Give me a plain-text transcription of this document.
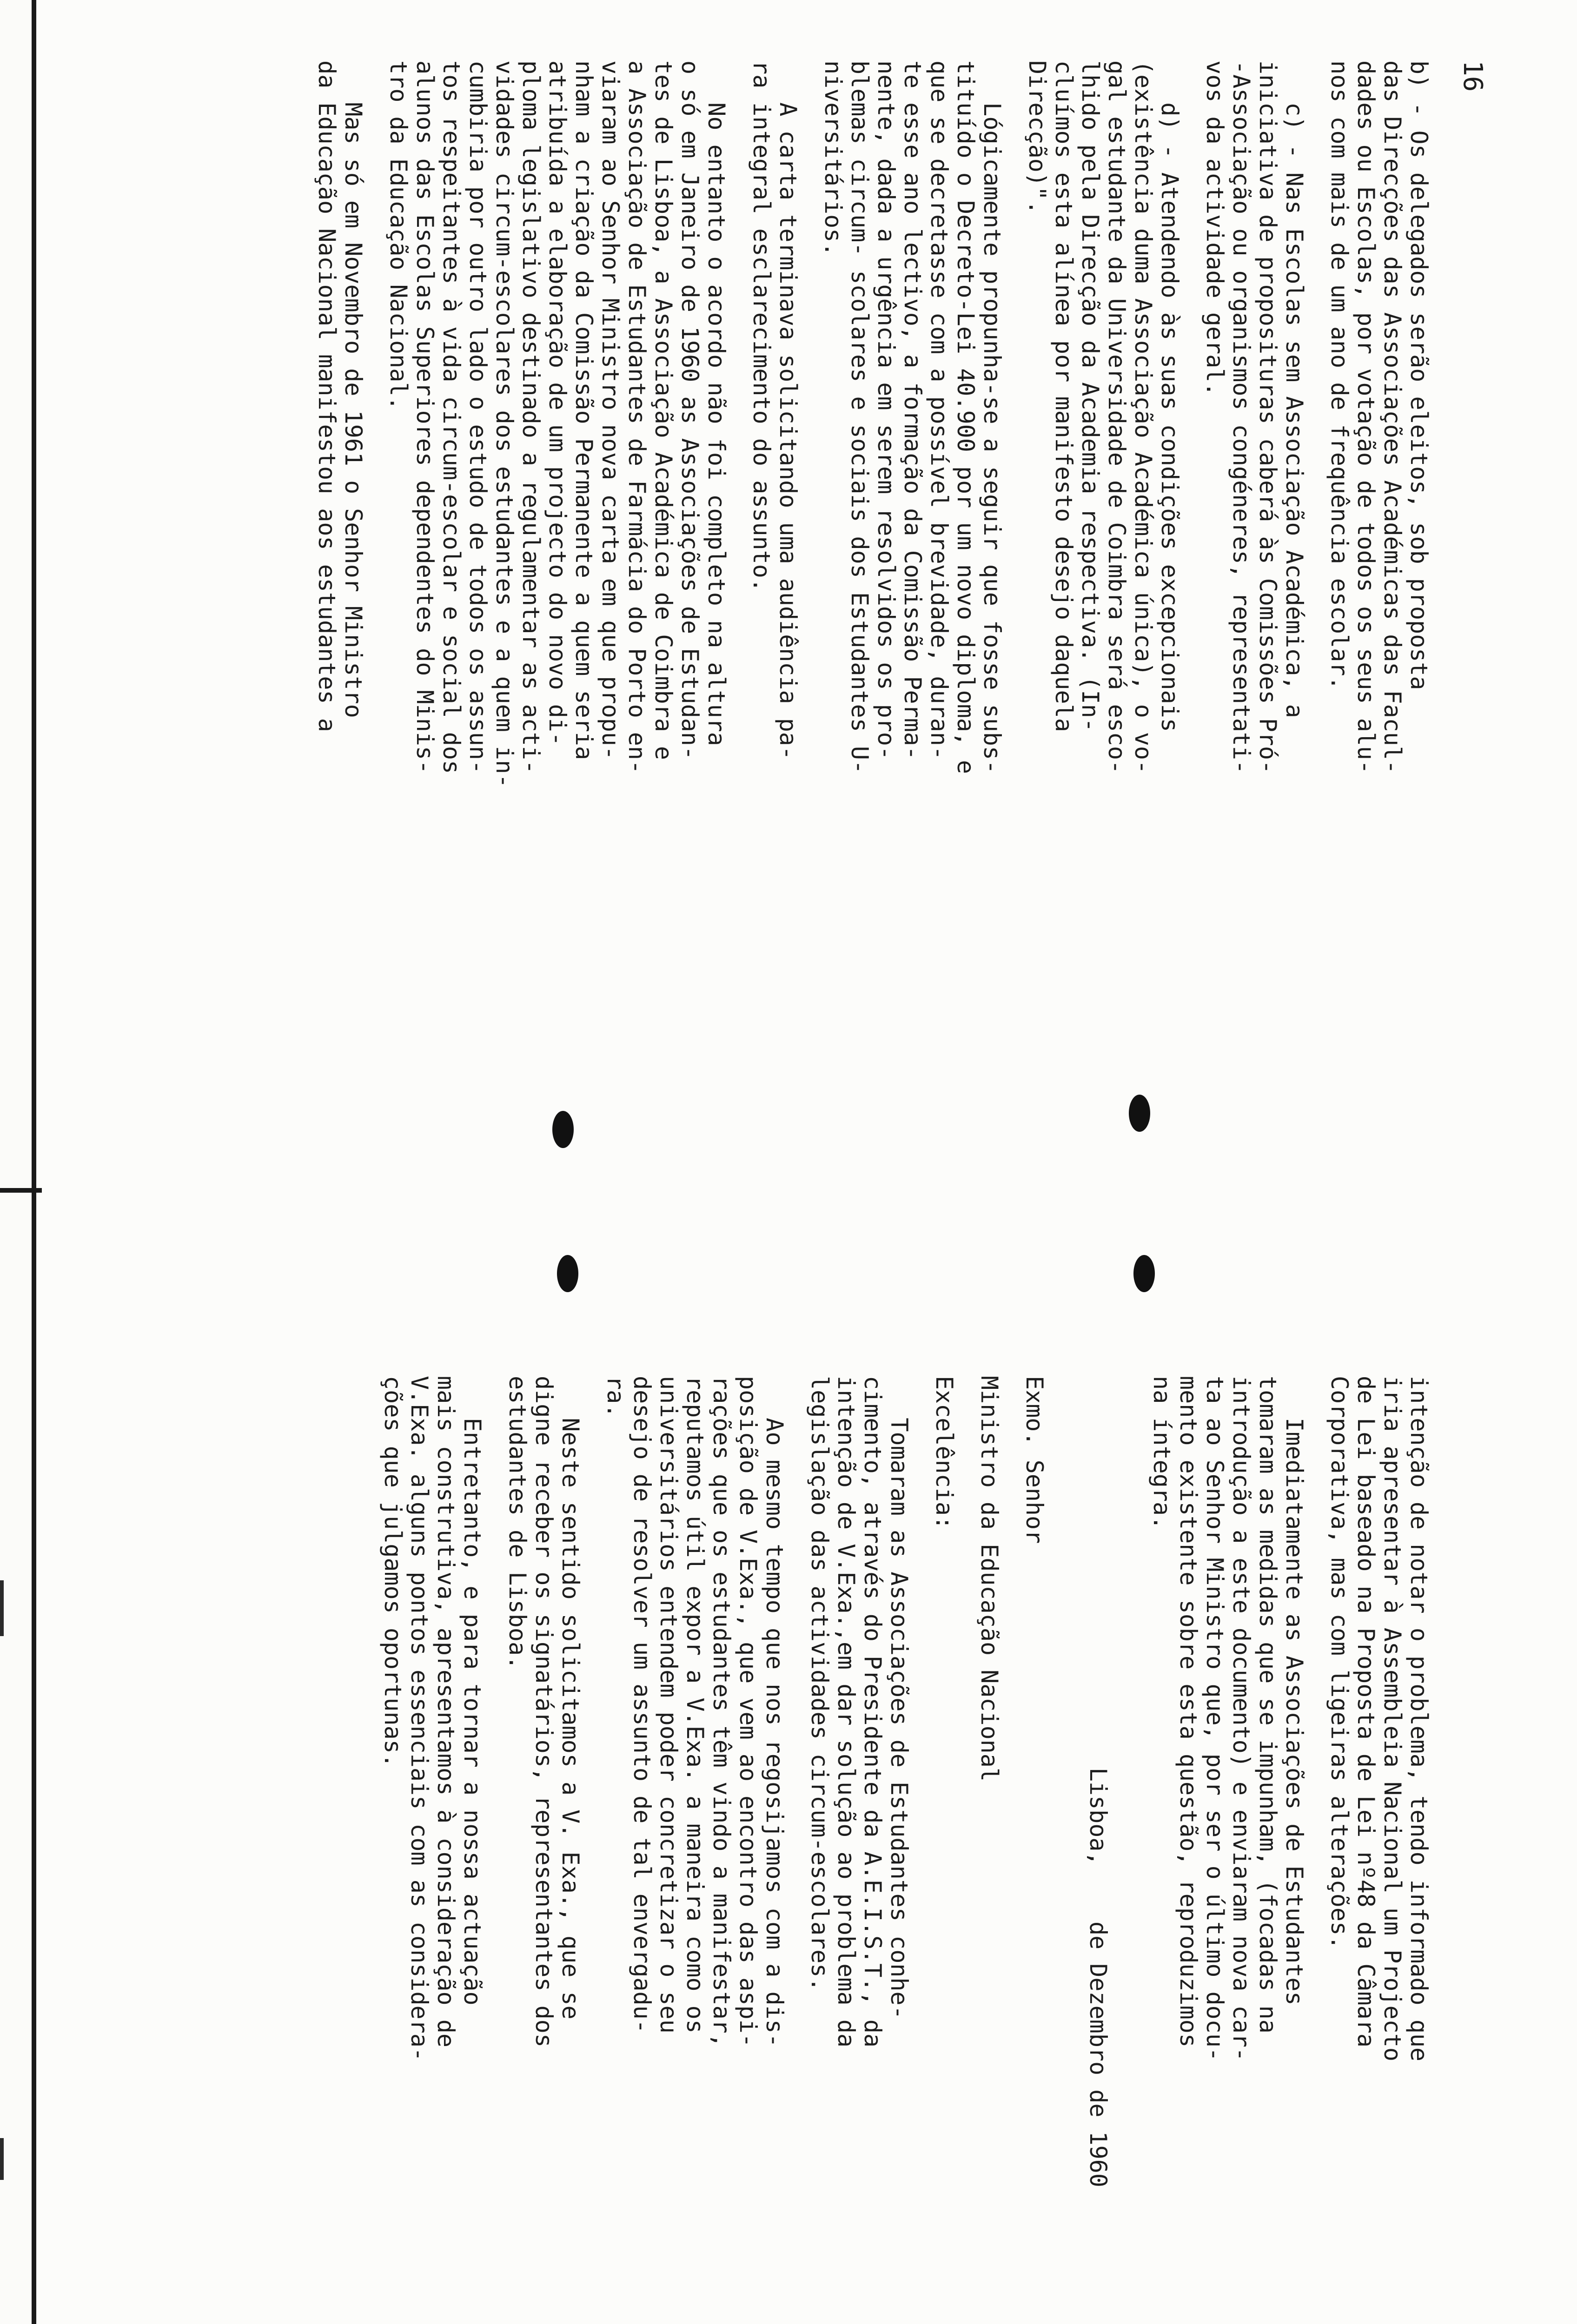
16

b) - Os delegados serão eleitos, sob proposta
das Direcções das Associações Académicas das Facul-
dades ou Escolas, por votação de todos os seus alu-
nos com mais de um ano de frequência escolar.

c) - Nas Escolas sem Associação Académica, a
iniciativa de proposituras caberá às Comissões Pró-
-Associação ou organismos congéneres, representati-
vos da actividade geral.

d) - Atendendo às suas condições excepcionais
(existência duma Associação Académica única), o vo-
gal estudante da Universidade de Coimbra será esco-
lhido pela Direcção da Academia respectiva. (In-
cluímos esta alínea por manifesto desejo daquela
Direcção)".

Lógicamente propunha-se a seguir que fosse subs-
tituído o Decreto-Lei 40.900 por um novo diploma, e
que se decretasse com a possível brevidade, duran-
te esse ano lectivo, a formação da Comissão Perma-
nente, dada a urgência em serem resolvidos os pro-
blemas circum- scolares e sociais dos Estudantes U-
niversitários.

A carta terminava solicitando uma audiência pa-
ra integral esclarecimento do assunto.

No entanto o acordo não foi completo na altura
o só em Janeiro de 1960 as Associações de Estudan-
tes de Lisboa, a Associação Académica de Coimbra e
a Associação de Estudantes de Farmácia do Porto en-
viaram ao Senhor Ministro nova carta em que propu-
nham a criação da Comissão Permanente a quem seria
atribuída a elaboração de um projecto do novo di-
ploma legislativo destinado a regulamentar as acti-
vidades circum-escolares dos estudantes e a quem in-
cumbiria por outro lado o estudo de todos os assun-
tos respeitantes à vida circum-escolar e social dos
alunos das Escolas Superiores dependentes do Minis-
tro da Educação Nacional.

Mas só em Novembro de 1961 o Senhor Ministro
da Educação Nacional manifestou aos estudantes a

intenção de notar o problema, tendo informado que
iria apresentar à Assembleia Nacional um Projecto
de Lei baseado na Proposta de Lei nº48 da Câmara
Corporativa, mas com ligeiras alterações.

Imediatamente as Associações de Estudantes
tomaram as medidas que se impunham, (focadas na
introdução a este documento) e enviaram nova car-
ta ao Senhor Ministro que, por ser o último docu-
mento existente sobre esta questão, reproduzimos
na íntegra.

Lisboa,    de Dezembro de 1960

Exmo. Senhor

Ministro da Educação Nacional

Excelência:

Tomaram as Associações de Estudantes conhe-
cimento, através do Presidente da A.E.I.S.T., da
intenção de V.Exa.,em dar solução ao problema da
legislação das actividades circum-escolares.

Ao mesmo tempo que nos regosijamos com a dis-
posição de V.Exa., que vem ao encontro das aspi-
rações que os estudantes têm vindo a manifestar,
reputamos útil expor a V.Exa. a maneira como os
universitários entendem poder concretizar o seu
desejo de resolver um assunto de tal envergadu-
ra.

Neste sentido solicitamos a V. Exa., que se
digne receber os signatários, representantes dos
estudantes de Lisboa.

Entretanto, e para tornar a nossa actuação
mais construtiva, apresentamos à consideração de
V.Exa. alguns pontos essenciais com as considera-
ções que julgamos oportunas.
